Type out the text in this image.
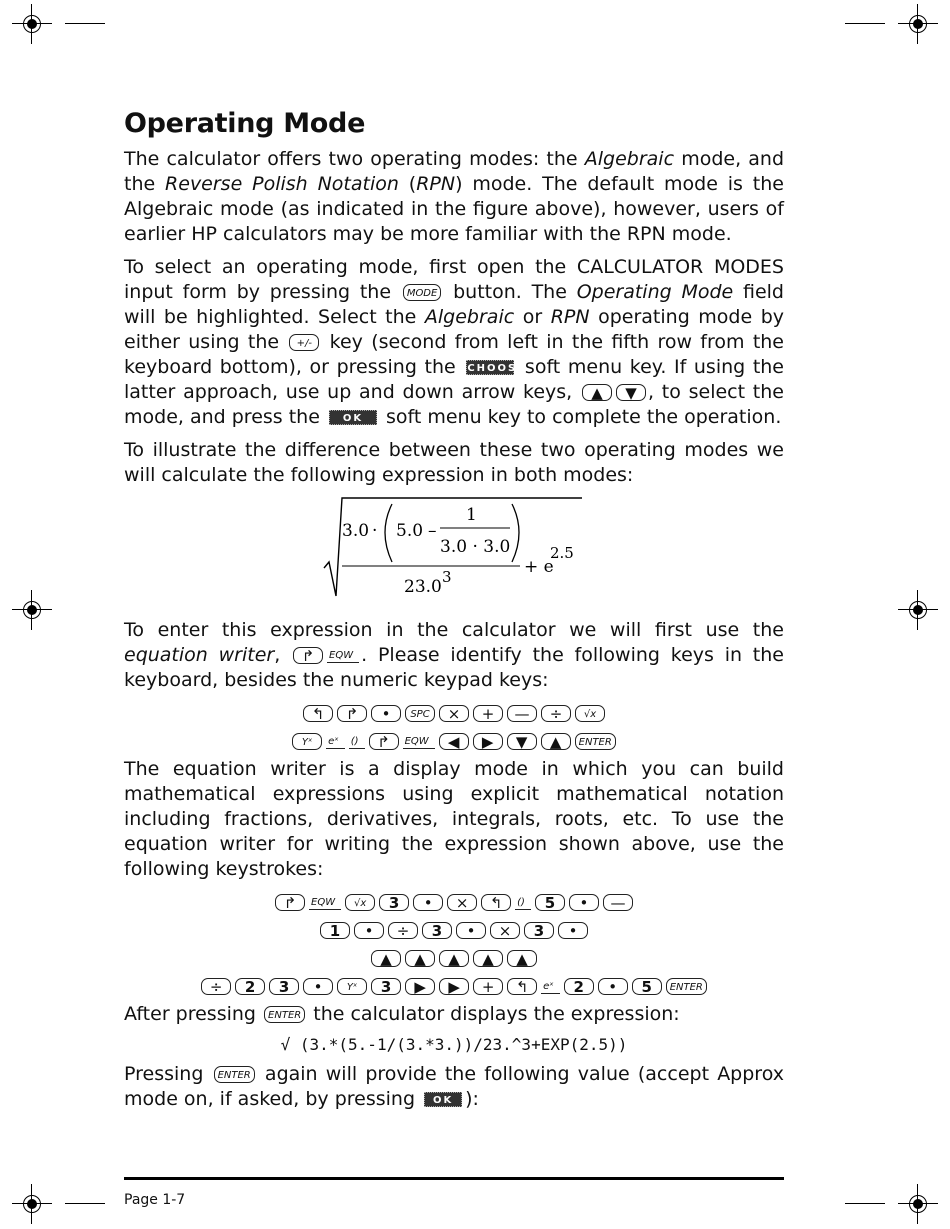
Operating Mode

The calculator offers two operating modes: the Algebraic mode, and the Reverse Polish Notation (RPN) mode. The default mode is the Algebraic mode (as indicated in the figure above), however, users of earlier HP calculators may be more familiar with the RPN mode.

To select an operating mode, first open the CALCULATOR MODES input form by pressing the MODE button. The Operating Mode field will be highlighted. Select the Algebraic or RPN operating mode by either using the +/- key (second from left in the fifth row from the keyboard bottom), or pressing the CHOOS soft menu key. If using the latter approach, use up and down arrow keys, ▲ ▼ , to select the mode, and press the OK soft menu key to complete the operation.

To illustrate the difference between these two operating modes we will calculate the following expression in both modes:

3.0 · 5.0 –
1
3.0 · 3.0
23.0 3	+ e
2.5

To enter this expression in the calculator we will first use the equation writer, ↱ EQW . Please identify the following keys in the keyboard, besides the numeric keypad keys:

↰ ↱ • SPC × + — ÷ √x
Yˣ eˣ () ↱ EQW ◀ ▶ ▼ ▲ ENTER

The equation writer is a display mode in which you can build mathematical expressions using explicit mathematical notation including fractions, derivatives, integrals, roots, etc. To use the equation writer for writing the expression shown above, use the following keystrokes:

↱ EQW √x 3 • × ↰ () 5 • —
1 • ÷ 3 • × 3 •
▲ ▲ ▲ ▲ ▲
÷ 2 3 • Yˣ 3 ▶ ▶ + ↰ eˣ 2 • 5 ENTER

After pressing ENTER the calculator displays the expression:

√ (3.*(5.-1/(3.*3.))/23.^3+EXP(2.5))

Pressing ENTER again will provide the following value (accept Approx mode on, if asked, by pressing OK ):

Page 1-7
